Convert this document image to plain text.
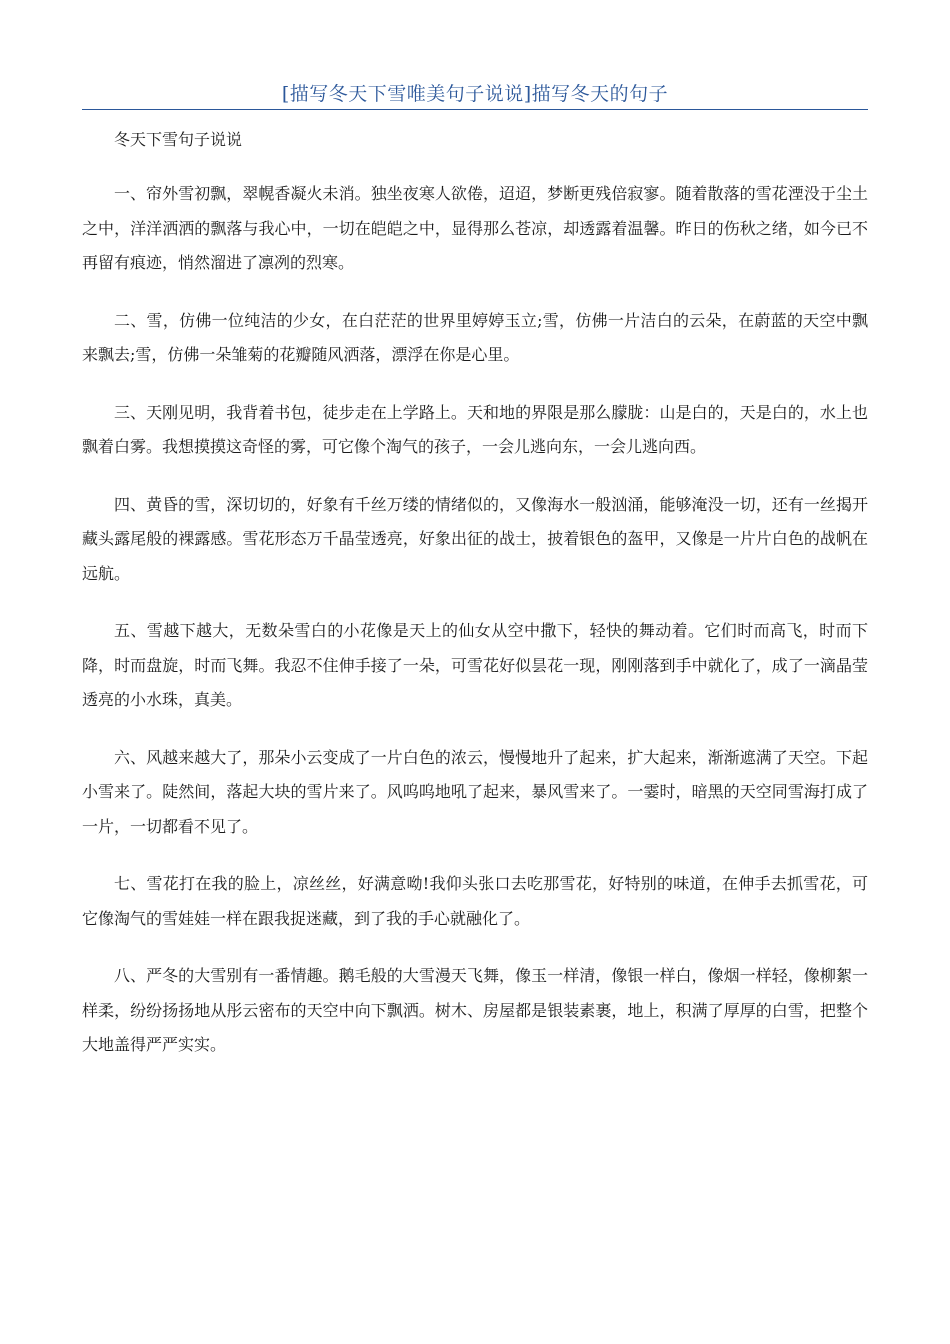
[描写冬天下雪唯美句子说说]描写冬天的句子

冬天下雪句子说说

一、帘外雪初飘，翠幌香凝火未消。独坐夜寒人欲倦，迢迢，梦断更残倍寂寥。随着散落的雪花湮没于尘土之中，洋洋洒洒的飘落与我心中，一切在皑皑之中，显得那么苍凉，却透露着温馨。昨日的伤秋之绪，如今已不再留有痕迹，悄然溜进了凛冽的烈寒。

二、雪，仿佛一位纯洁的少女，在白茫茫的世界里婷婷玉立;雪，仿佛一片洁白的云朵，在蔚蓝的天空中飘来飘去;雪，仿佛一朵雏菊的花瓣随风洒落，漂浮在你是心里。

三、天刚见明，我背着书包，徒步走在上学路上。天和地的界限是那么朦胧：山是白的，天是白的，水上也飘着白雾。我想摸摸这奇怪的雾，可它像个淘气的孩子，一会儿逃向东，一会儿逃向西。

四、黄昏的雪，深切切的，好象有千丝万缕的情绪似的，又像海水一般汹涌，能够淹没一切，还有一丝揭开藏头露尾般的裸露感。雪花形态万千晶莹透亮，好象出征的战士，披着银色的盔甲，又像是一片片白色的战帆在远航。

五、雪越下越大，无数朵雪白的小花像是天上的仙女从空中撒下，轻快的舞动着。它们时而高飞，时而下降，时而盘旋，时而飞舞。我忍不住伸手接了一朵，可雪花好似昙花一现，刚刚落到手中就化了，成了一滴晶莹透亮的小水珠，真美。

六、风越来越大了，那朵小云变成了一片白色的浓云，慢慢地升了起来，扩大起来，渐渐遮满了天空。下起小雪来了。陡然间，落起大块的雪片来了。风呜呜地吼了起来，暴风雪来了。一霎时，暗黑的天空同雪海打成了一片，一切都看不见了。

七、雪花打在我的脸上，凉丝丝，好满意呦!我仰头张口去吃那雪花，好特别的味道，在伸手去抓雪花，可它像淘气的雪娃娃一样在跟我捉迷藏，到了我的手心就融化了。

八、严冬的大雪别有一番情趣。鹅毛般的大雪漫天飞舞，像玉一样清，像银一样白，像烟一样轻，像柳絮一样柔，纷纷扬扬地从彤云密布的天空中向下飘洒。树木、房屋都是银装素裹，地上，积满了厚厚的白雪，把整个大地盖得严严实实。
